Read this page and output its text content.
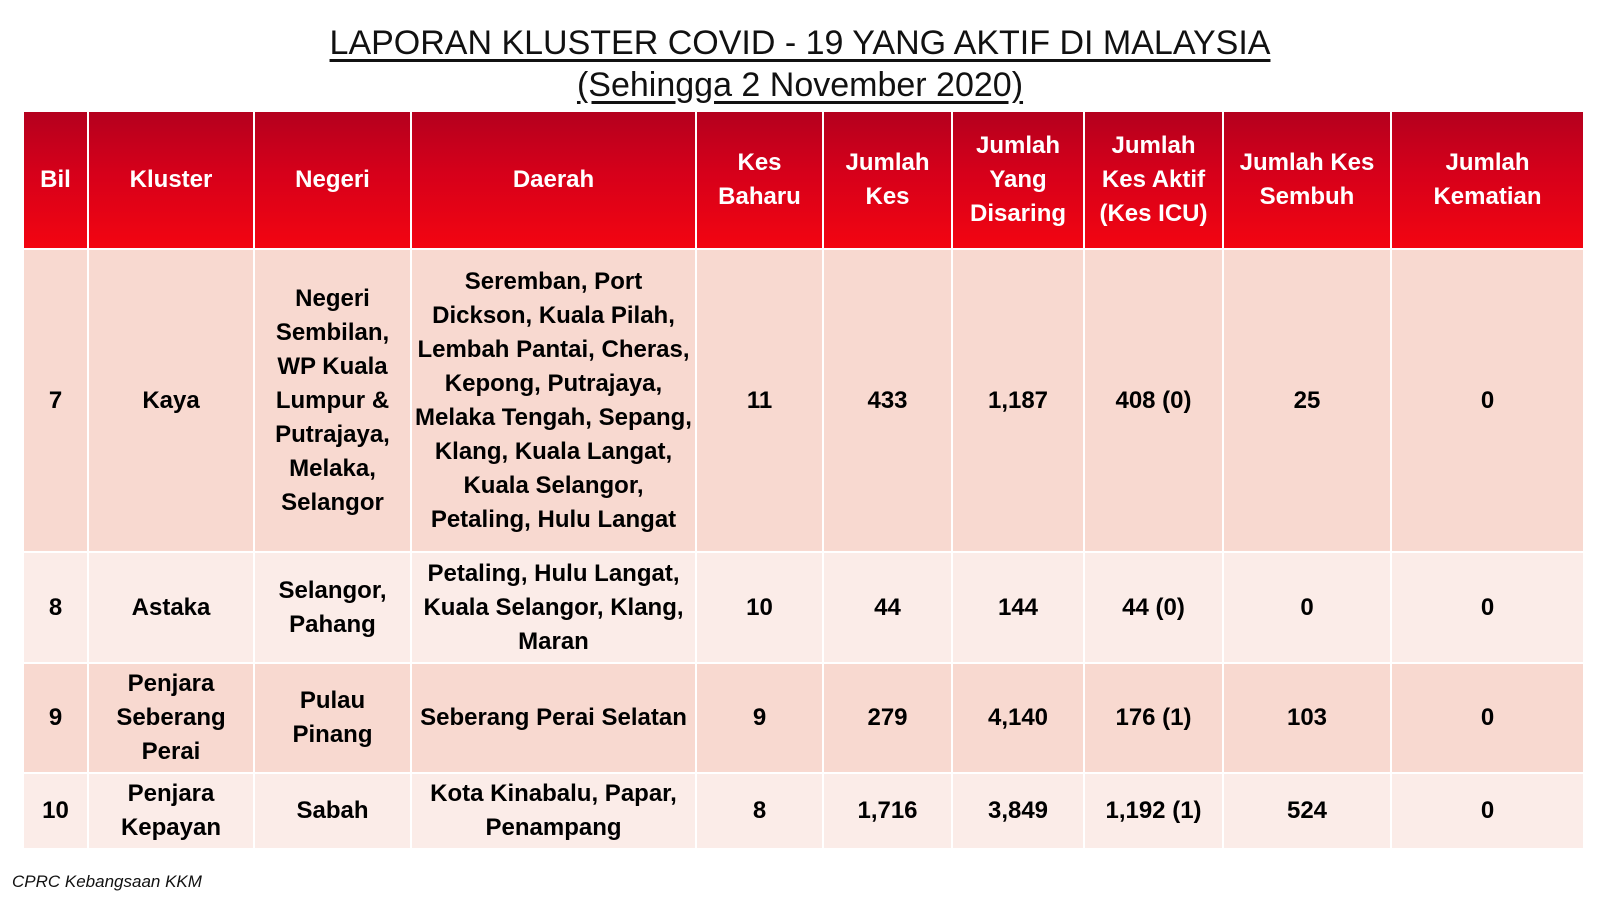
LAPORAN KLUSTER COVID - 19 YANG AKTIF DI MALAYSIA
(Sehingga 2 November 2020)
Bil	Kluster	Negeri	Daerah	Kes Baharu	Jumlah Kes	Jumlah Yang Disaring	Jumlah Kes Aktif (Kes ICU)	Jumlah Kes Sembuh	Jumlah Kematian
7	Kaya	Negeri Sembilan, WP Kuala Lumpur & Putrajaya, Melaka, Selangor	Seremban, Port Dickson, Kuala Pilah, Lembah Pantai, Cheras, Kepong, Putrajaya, Melaka Tengah, Sepang, Klang, Kuala Langat, Kuala Selangor, Petaling, Hulu Langat	11	433	1,187	408 (0)	25	0
8	Astaka	Selangor, Pahang	Petaling, Hulu Langat, Kuala Selangor, Klang, Maran	10	44	144	44 (0)	0	0
9	Penjara Seberang Perai	Pulau Pinang	Seberang Perai Selatan	9	279	4,140	176 (1)	103	0
10	Penjara Kepayan	Sabah	Kota Kinabalu, Papar, Penampang	8	1,716	3,849	1,192 (1)	524	0
CPRC Kebangsaan KKM
